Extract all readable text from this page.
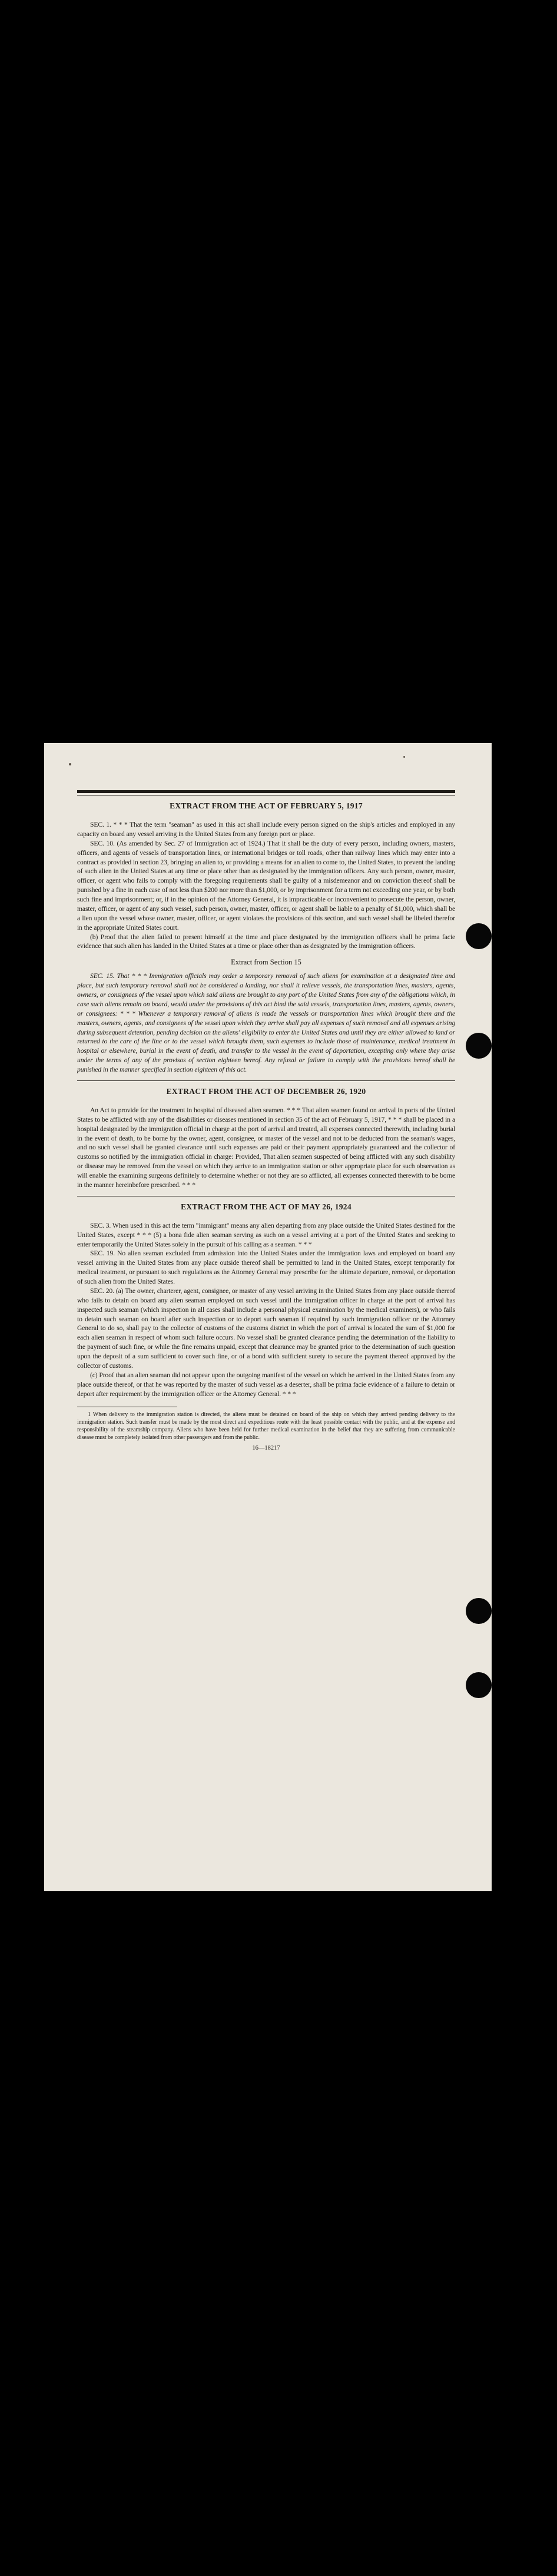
EXTRACT FROM THE ACT OF FEBRUARY 5, 1917

SEC. 1. * * * That the term "seaman" as used in this act shall include every person signed on the ship's articles and employed in any capacity on board any vessel arriving in the United States from any foreign port or place.

SEC. 10. (As amended by Sec. 27 of Immigration act of 1924.) That it shall be the duty of every person, including owners, masters, officers, and agents of vessels of transportation lines, or international bridges or toll roads, other than railway lines which may enter into a contract as provided in section 23, bringing an alien to, or providing a means for an alien to come to, the United States, to prevent the landing of such alien in the United States at any time or place other than as designated by the immigration officers. Any such person, owner, master, officer, or agent who fails to comply with the foregoing requirements shall be guilty of a misdemeanor and on conviction thereof shall be punished by a fine in each case of not less than $200 nor more than $1,000, or by imprisonment for a term not exceeding one year, or by both such fine and imprisonment; or, if in the opinion of the Attorney General, it is impracticable or inconvenient to prosecute the person, owner, master, officer, or agent of any such vessel, such person, owner, master, officer, or agent shall be liable to a penalty of $1,000, which shall be a lien upon the vessel whose owner, master, officer, or agent violates the provisions of this section, and such vessel shall be libeled therefor in the appropriate United States court.

(b) Proof that the alien failed to present himself at the time and place designated by the immigration officers shall be prima facie evidence that such alien has landed in the United States at a time or place other than as designated by the immigration officers.

Extract from Section 15

SEC. 15. That * * * Immigration officials may order a temporary removal of such aliens for examination at a designated time and place, but such temporary removal shall not be considered a landing, nor shall it relieve vessels, the transportation lines, masters, agents, owners, or consignees of the vessel upon which said aliens are brought to any port of the United States from any of the obligations which, in case such aliens remain on board, would under the provisions of this act bind the said vessels, transportation lines, masters, agents, owners, or consignees: * * * Whenever a temporary removal of aliens is made the vessels or transportation lines which brought them and the masters, owners, agents, and consignees of the vessel upon which they arrive shall pay all expenses of such removal and all expenses arising during subsequent detention, pending decision on the aliens' eligibility to enter the United States and until they are either allowed to land or returned to the care of the line or to the vessel which brought them, such expenses to include those of maintenance, medical treatment in hospital or elsewhere, burial in the event of death, and transfer to the vessel in the event of deportation, excepting only where they arise under the terms of any of the provisos of section eighteen hereof. Any refusal or failure to comply with the provisions hereof shall be punished in the manner specified in section eighteen of this act.

EXTRACT FROM THE ACT OF DECEMBER 26, 1920

An Act to provide for the treatment in hospital of diseased alien seamen. * * * That alien seamen found on arrival in ports of the United States to be afflicted with any of the disabilities or diseases mentioned in section 35 of the act of February 5, 1917, * * * shall be placed in a hospital designated by the immigration official in charge at the port of arrival and treated, all expenses connected therewith, including burial in the event of death, to be borne by the owner, agent, consignee, or master of the vessel and not to be deducted from the seaman's wages, and no such vessel shall be granted clearance until such expenses are paid or their payment appropriately guaranteed and the collector of customs so notified by the immigration official in charge: Provided, That alien seamen suspected of being afflicted with any such disability or disease may be removed from the vessel on which they arrive to an immigration station or other appropriate place for such observation as will enable the examining surgeons definitely to determine whether or not they are so afflicted, all expenses connected therewith to be borne in the manner hereinbefore prescribed. * * *

EXTRACT FROM THE ACT OF MAY 26, 1924

SEC. 3. When used in this act the term "immigrant" means any alien departing from any place outside the United States destined for the United States, except * * * (5) a bona fide alien seaman serving as such on a vessel arriving at a port of the United States and seeking to enter temporarily the United States solely in the pursuit of his calling as a seaman. * * *

SEC. 19. No alien seaman excluded from admission into the United States under the immigration laws and employed on board any vessel arriving in the United States from any place outside thereof shall be permitted to land in the United States, except temporarily for medical treatment, or pursuant to such regulations as the Attorney General may prescribe for the ultimate departure, removal, or deportation of such alien from the United States.

SEC. 20. (a) The owner, charterer, agent, consignee, or master of any vessel arriving in the United States from any place outside thereof who fails to detain on board any alien seaman employed on such vessel until the immigration officer in charge at the port of arrival has inspected such seaman (which inspection in all cases shall include a personal physical examination by the medical examiners), or who fails to detain such seaman on board after such inspection or to deport such seaman if required by such immigration officer or the Attorney General to do so, shall pay to the collector of customs of the customs district in which the port of arrival is located the sum of $1,000 for each alien seaman in respect of whom such failure occurs. No vessel shall be granted clearance pending the determination of the liability to the payment of such fine, or while the fine remains unpaid, except that clearance may be granted prior to the determination of such question upon the deposit of a sum sufficient to cover such fine, or of a bond with sufficient surety to secure the payment thereof approved by the collector of customs.

(c) Proof that an alien seaman did not appear upon the outgoing manifest of the vessel on which he arrived in the United States from any place outside thereof, or that he was reported by the master of such vessel as a deserter, shall be prima facie evidence of a failure to detain or deport after requirement by the immigration officer or the Attorney General. * * *

1 When delivery to the immigration station is directed, the aliens must be detained on board of the ship on which they arrived pending delivery to the immigration station. Such transfer must be made by the most direct and expeditious route with the least possible contact with the public, and at the expense and responsibility of the steamship company. Aliens who have been held for further medical examination in the belief that they are suffering from communicable disease must be completely isolated from other passengers and from the public.

16—18217
